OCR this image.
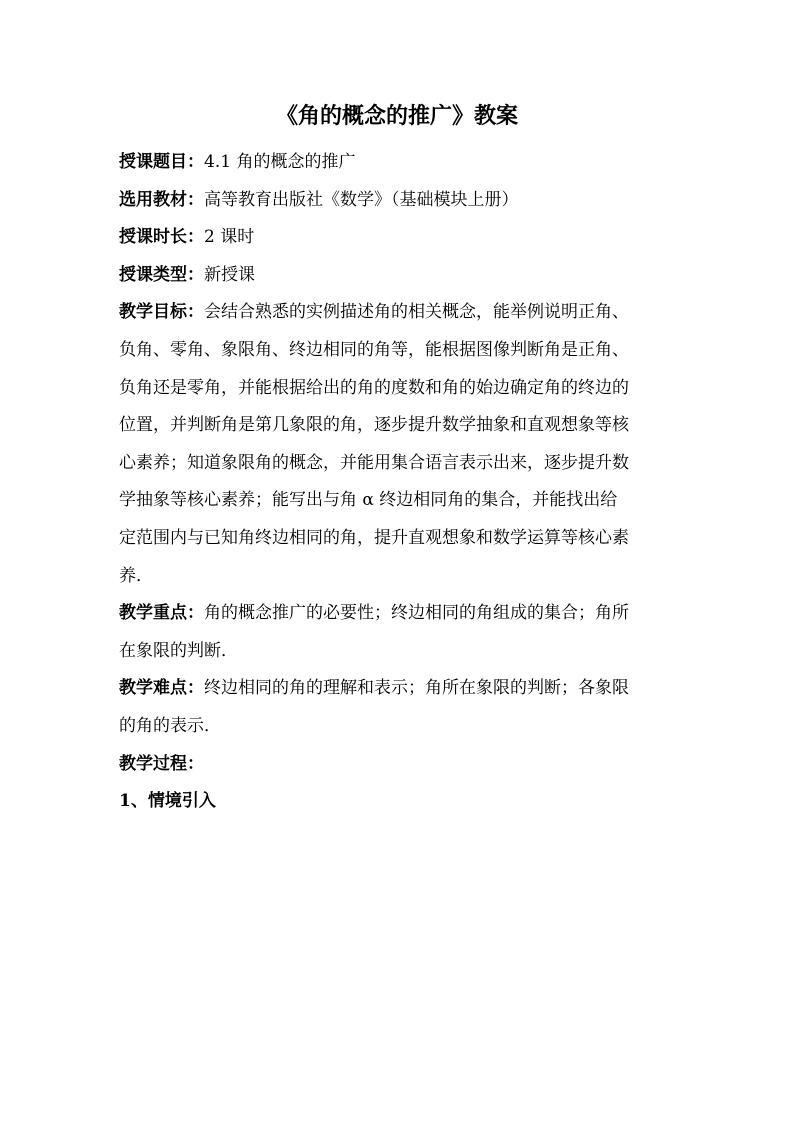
《角的概念的推广》教案

授课题目：4.1 角的概念的推广

选用教材：高等教育出版社《数学》（基础模块上册）

授课时长：2 课时

授课类型：新授课

教学目标：会结合熟悉的实例描述角的相关概念，能举例说明正角、
负角、零角、象限角、终边相同的角等，能根据图像判断角是正角、
负角还是零角，并能根据给出的角的度数和角的始边确定角的终边的
位置，并判断角是第几象限的角，逐步提升数学抽象和直观想象等核
心素养；知道象限角的概念，并能用集合语言表示出来，逐步提升数
学抽象等核心素养；能写出与角 α 终边相同角的集合，并能找出给
定范围内与已知角终边相同的角，提升直观想象和数学运算等核心素
养．
教学重点：角的概念推广的必要性；终边相同的角组成的集合；角所
在象限的判断．
教学难点：终边相同的角的理解和表示；角所在象限的判断；各象限
的角的表示．

教学过程：

1、情境引入
